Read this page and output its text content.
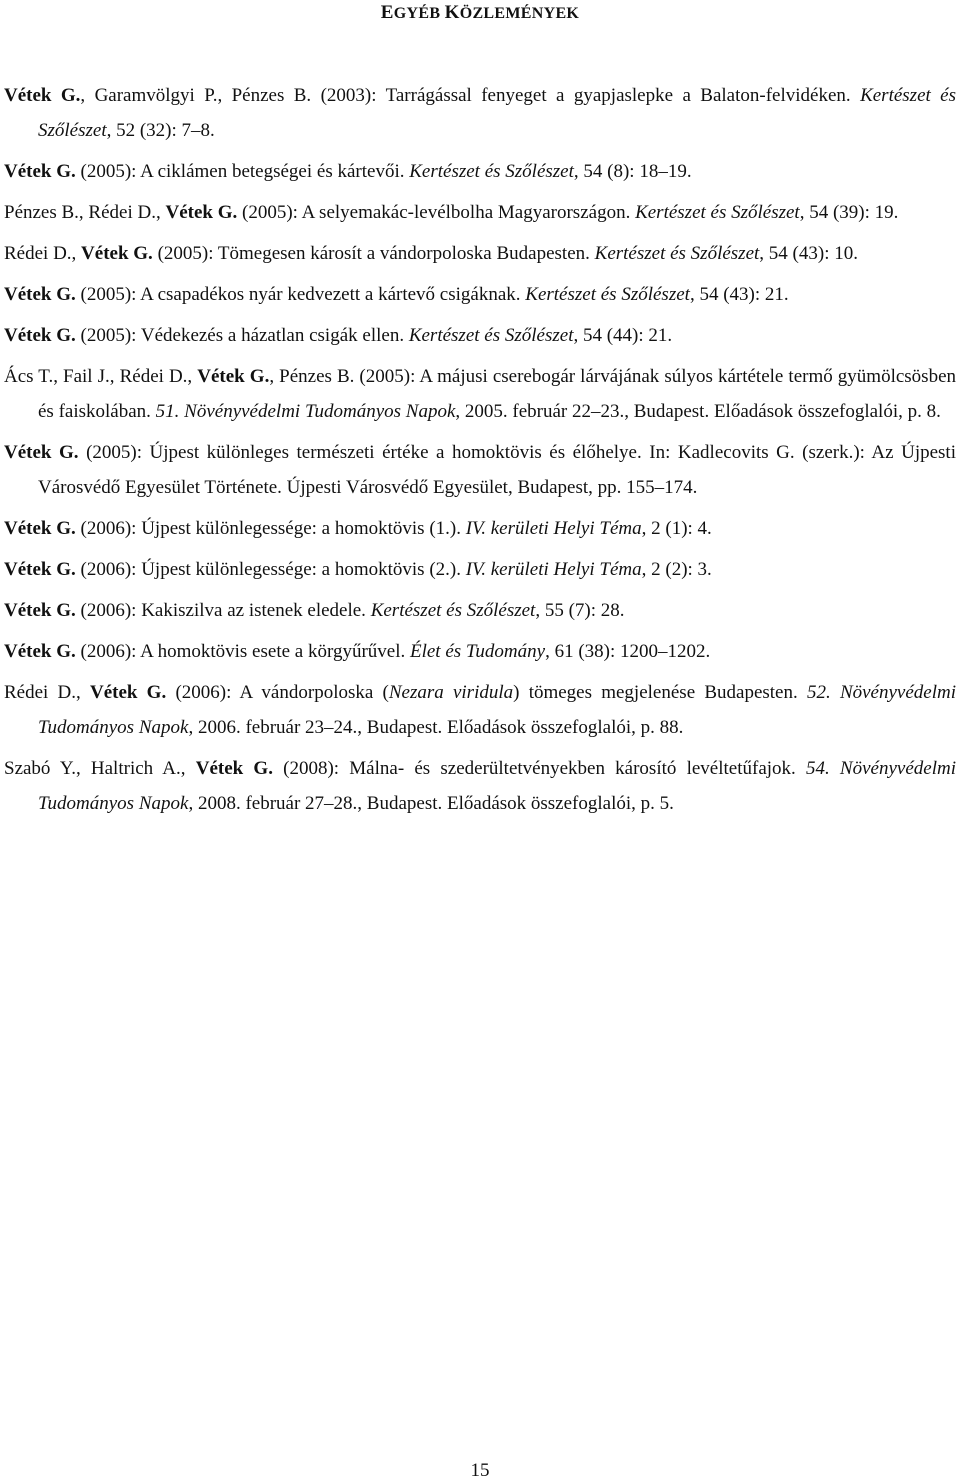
EGYÉB KÖZLEMÉNYEK

Vétek G., Garamvölgyi P., Pénzes B. (2003): Tarrágással fenyeget a gyapjaslepke a Balaton-felvidéken. Kertészet és Szőlészet, 52 (32): 7–8.

Vétek G. (2005): A ciklámen betegségei és kártevői. Kertészet és Szőlészet, 54 (8): 18–19.

Pénzes B., Rédei D., Vétek G. (2005): A selyemakác-levélbolha Magyarországon. Kertészet és Szőlészet, 54 (39): 19.

Rédei D., Vétek G. (2005): Tömegesen károsít a vándorpoloska Budapesten. Kertészet és Szőlészet, 54 (43): 10.

Vétek G. (2005): A csapadékos nyár kedvezett a kártevő csigáknak. Kertészet és Szőlészet, 54 (43): 21.

Vétek G. (2005): Védekezés a házatlan csigák ellen. Kertészet és Szőlészet, 54 (44): 21.

Ács T., Fail J., Rédei D., Vétek G., Pénzes B. (2005): A májusi cserebogár lárvájának súlyos kártétele termő gyümölcsösben és faiskolában. 51. Növényvédelmi Tudományos Napok, 2005. február 22–23., Budapest. Előadások összefoglalói, p. 8.

Vétek G. (2005): Újpest különleges természeti értéke a homoktövis és élőhelye. In: Kadlecovits G. (szerk.): Az Újpesti Városvédő Egyesület Története. Újpesti Városvédő Egyesület, Budapest, pp. 155–174.

Vétek G. (2006): Újpest különlegessége: a homoktövis (1.). IV. kerületi Helyi Téma, 2 (1): 4.

Vétek G. (2006): Újpest különlegessége: a homoktövis (2.). IV. kerületi Helyi Téma, 2 (2): 3.

Vétek G. (2006): Kakiszilva az istenek eledele. Kertészet és Szőlészet, 55 (7): 28.

Vétek G. (2006): A homoktövis esete a körgyűrűvel. Élet és Tudomány, 61 (38): 1200–1202.

Rédei D., Vétek G. (2006): A vándorpoloska (Nezara viridula) tömeges megjelenése Budapesten. 52. Növényvédelmi Tudományos Napok, 2006. február 23–24., Budapest. Előadások összefoglalói, p. 88.

Szabó Y., Haltrich A., Vétek G. (2008): Málna- és szederültetvényekben károsító levéltetűfajok. 54. Növényvédelmi Tudományos Napok, 2008. február 27–28., Budapest. Előadások összefoglalói, p. 5.

15
